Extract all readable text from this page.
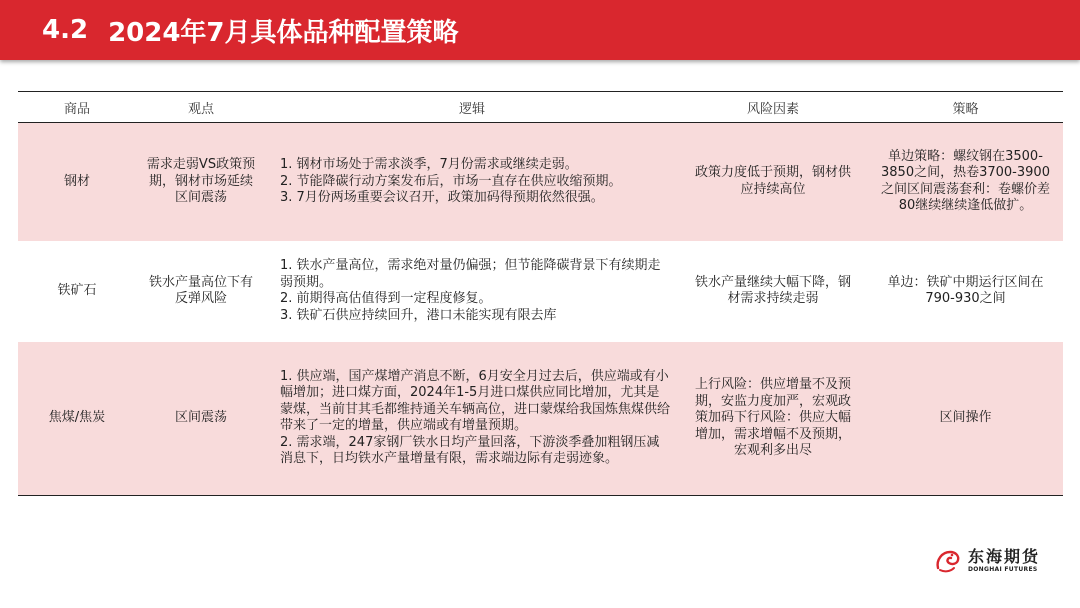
4.2 2024年7月具体品种配置策略
商品	观点	逻辑	风险因素	策略
钢材	需求走弱VS政策预期，钢材市场延续区间震荡	1. 钢材市场处于需求淡季，7月份需求或继续走弱。
2. 节能降碳行动方案发布后，市场一直存在供应收缩预期。
3. 7月份两场重要会议召开，政策加码得预期依然很强。	政策力度低于预期，钢材供应持续高位	单边策略：螺纹钢在3500-3850之间，热卷3700-3900之间区间震荡套利：卷螺价差80继续继续逢低做扩。
铁矿石	铁水产量高位下有反弹风险	1. 铁水产量高位，需求绝对量仍偏强；但节能降碳背景下有续期走弱预期。
2. 前期得高估值得到一定程度修复。
3. 铁矿石供应持续回升，港口未能实现有限去库	铁水产量继续大幅下降，钢材需求持续走弱	单边：铁矿中期运行区间在790-930之间
焦煤/焦炭	区间震荡	1. 供应端，国产煤增产消息不断，6月安全月过去后，供应端或有小幅增加；进口煤方面，2024年1-5月进口煤供应同比增加，尤其是蒙煤，当前甘其毛都维持通关车辆高位，进口蒙煤给我国炼焦煤供给带来了一定的增量，供应端或有增量预期。
2. 需求端，247家钢厂铁水日均产量回落，下游淡季叠加粗钢压减消息下，日均铁水产量增量有限，需求端边际有走弱迹象。	上行风险：供应增量不及预期，安监力度加严，宏观政策加码下行风险：供应大幅增加，需求增幅不及预期，宏观利多出尽	区间操作
东海期货
DONGHAI FUTURES
